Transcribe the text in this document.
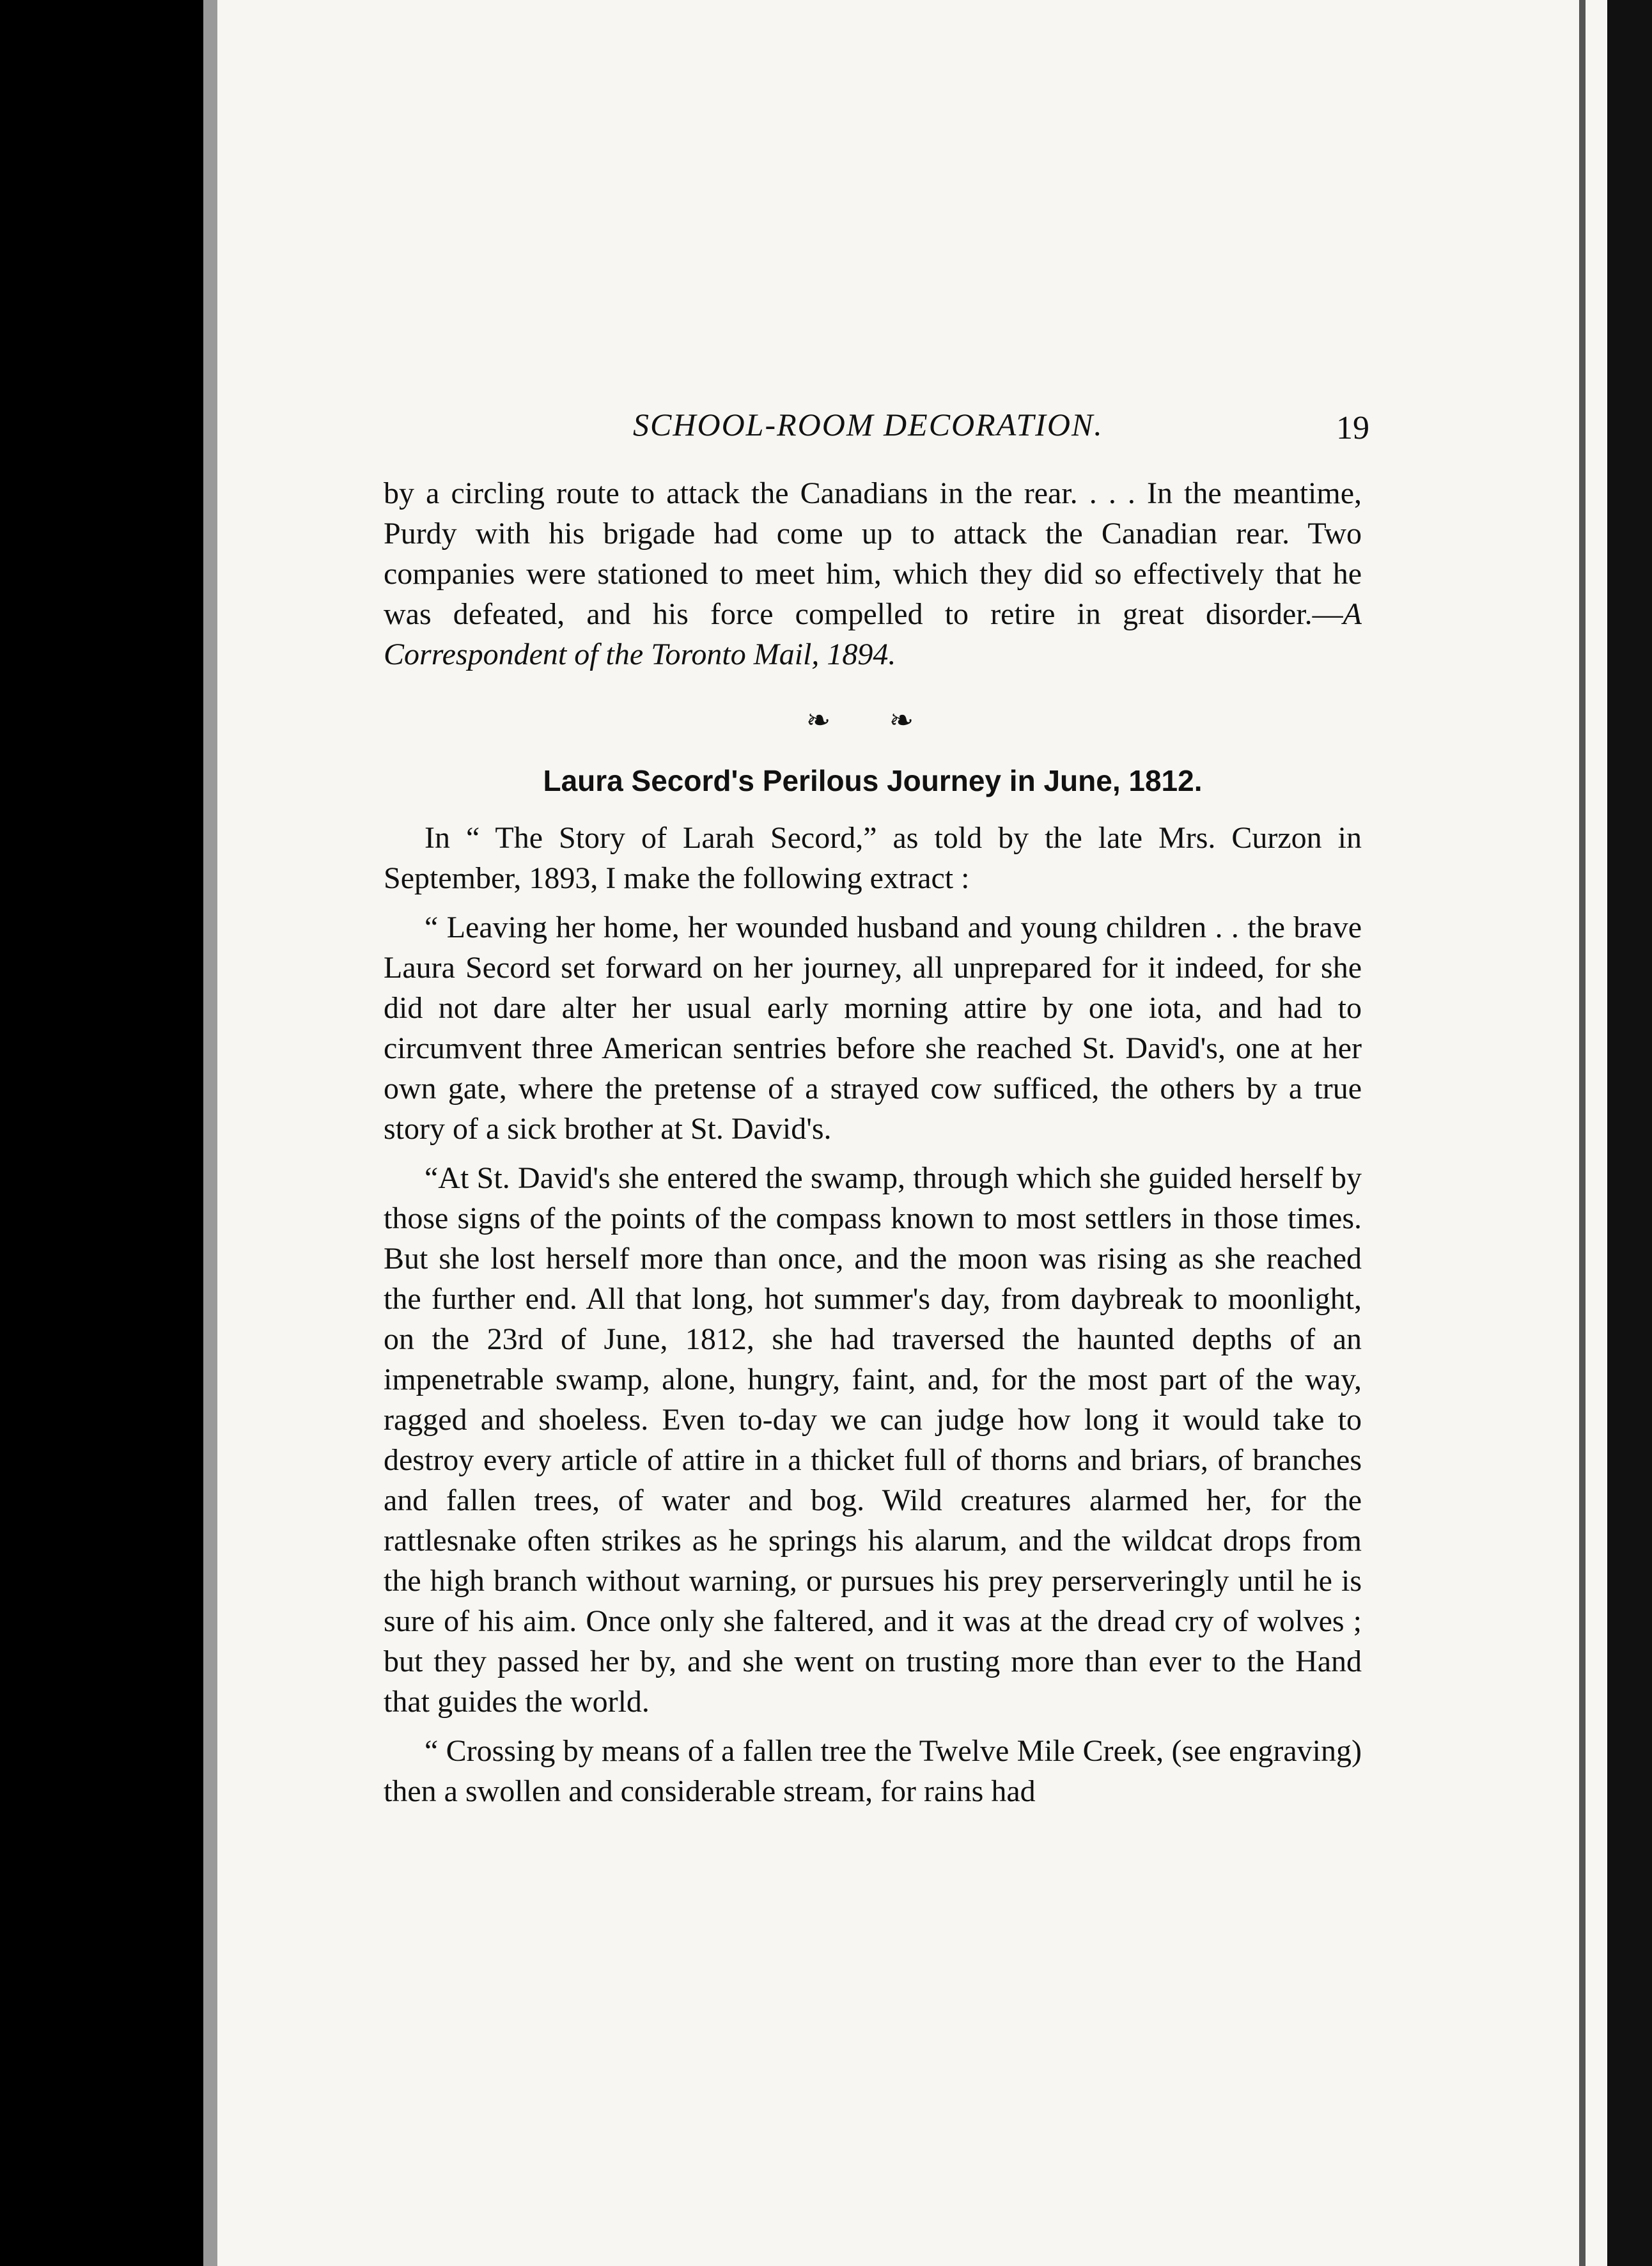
SCHOOL-ROOM DECORATION.	19

by a circling route to attack the Canadians in the rear. . . . In the meantime, Purdy with his brigade had come up to attack the Canadian rear. Two companies were stationed to meet him, which they did so effectively that he was defeated, and his force compelled to retire in great disorder.—A Correspondent of the Toronto Mail, 1894.

❧ ❧
Laura Secord's Perilous Journey in June, 1812.

In “ The Story of Larah Secord,” as told by the late Mrs. Curzon in September, 1893, I make the following extract :

“ Leaving her home, her wounded husband and young children . . the brave Laura Secord set forward on her journey, all unprepared for it indeed, for she did not dare alter her usual early morning attire by one iota, and had to circumvent three American sentries before she reached St. David's, one at her own gate, where the pretense of a strayed cow sufficed, the others by a true story of a sick brother at St. David's.

“At St. David's she entered the swamp, through which she guided herself by those signs of the points of the compass known to most settlers in those times. But she lost herself more than once, and the moon was rising as she reached the further end. All that long, hot summer's day, from daybreak to moonlight, on the 23rd of June, 1812, she had traversed the haunted depths of an impenetrable swamp, alone, hungry, faint, and, for the most part of the way, ragged and shoeless. Even to-day we can judge how long it would take to destroy every article of attire in a thicket full of thorns and briars, of branches and fallen trees, of water and bog. Wild creatures alarmed her, for the rattlesnake often strikes as he springs his alarum, and the wildcat drops from the high branch without warning, or pursues his prey perserveringly until he is sure of his aim. Once only she faltered, and it was at the dread cry of wolves ; but they passed her by, and she went on trusting more than ever to the Hand that guides the world.

“ Crossing by means of a fallen tree the Twelve Mile Creek, (see engraving) then a swollen and considerable stream, for rains had
